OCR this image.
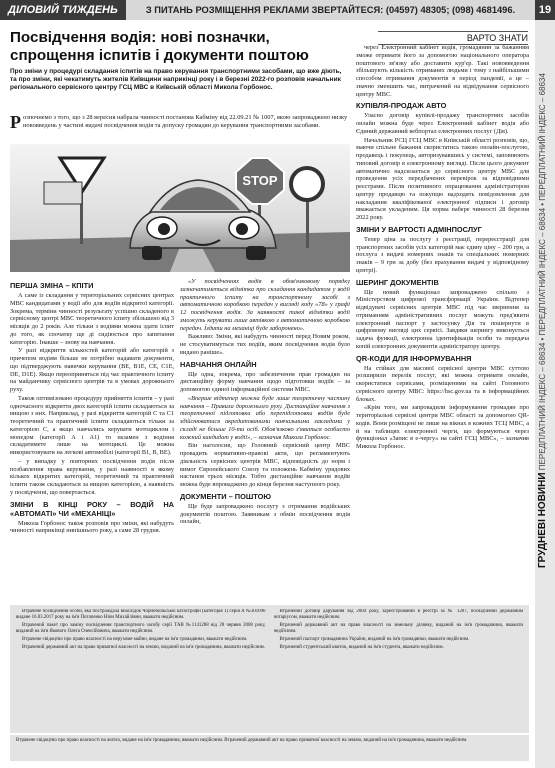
ДІЛОВИЙ ТИЖДЕНЬ	З ПИТАНЬ РОЗМІЩЕННЯ РЕКЛАМИ ЗВЕРТАЙТЕСЯ: (04597) 48305; (098) 4681496.	19
ГРУДНЕВІ НОВИНИ ПЕРЕДПЛАТНИЙ ІНДЕКС – 68634 • ПЕРЕДПЛАТНИЙ ІНДЕКС – 68634 • ПЕРЕДПЛАТНИЙ ІНДЕКС – 68634
Посвідчення водія: нові позначки, спрощення іспитів і документи поштою
ВАРТО ЗНАТИ
Про зміни у процедурі складання іспитів на право керування транспортними засобами, що вже діють, та про зміни, які чекатимуть жителів Київщини наприкінці року і в березні 2022-го розповів начальник регіонального сервісного центру ГСЦ МВС в Київській області Микола Горбонос.
Розпочнемо з того, що з 28 вересня набрала чинності постанова Кабміну від 22.09.21 № 1007, якою запроваджено низку нововведень у частині видачі посвідчення водія та допуску громадян до керування транспортними засобами.
STOP
ПЕРША ЗМІНА – КПІТИ

А саме із складання у територіальних сервісних центрах МВС кандидатами у водії або для водіїв відкритої категорії. Зокрема, терміни чинності результату успішно складеного в сервісному центрі МВС теоретичного іспиту збільшено від 3 місяців до 2 років. Але тільки з водіями можна здати іспит до того, як спочатку ще ді сидіюється про запитання категорію. Інакше – знову на навчання.

У разі відкриття кількостей категорій або категорій з причепом водіям більше не потрібно надавати документи, що підтверджують навички керування (ВЕ, В1Е, СЕ, С1Е, DE, D1E). Якщо переоприняться під час практичного іспиту на майданчику сервісного центрів та в умовах дорожнього руху.

Також оптимізовано процедуру прийняття іспитів – у разі одночасного відкриття двох категорій іспити складаються за вищою з них. Наприклад, у разі відкриття категорій С та С1 теоретичний та практичний іспити складаються тільки за категорією С, а якщо навчались керувати мотоциклом і мопедом (категорії A і A1) то екзамен з водіння складатимете лише на мотоциклі. Це можна використовувати на легкові автомобілі (категорії В1, В, ВЕ).

– у випадку у повторних посвідчення водія після позбавлення права керування, у разі наявності в якому кількох відкритих категорій, теоретичний та практичний іспити також складаються за вищою категорією, а наявність у посвідченні, що повертається.

ЗМІНИ В КІНЦІ РОКУ – ВОДІЙ НА «АВТОМАТІ» ЧИ «МЕХАНІЦІ»

Микола Горбонос також розповів про зміни, які набудуть чинності наприкінці нинішнього року, а саме 28 грудня.

«У посвідченнях водія в обов'язковому порядку зазначатиметься відмітка про складання кандидатом у водії практичного іспиту на транспортному засобі з автоматичною коробкою передач у вигляді коду «78» у графі 12 посвідчення водія. За наявності такої відмітки водії зможуть керувати лише автівкою з автоматичною коробкою передач. Їздити на механіці буде заборонено».

Важливо: Зміни, які набудуть чинності перед Новим роком, не стосуватимуться тих водіїв, яким посвідчення водія було видано раніше».

НАВЧАННЯ ОНЛАЙН

Ще одна, зокрема, про забезпечення прав громадян на дистанційну форму навчання щодо підготовки водіїв – за допомогою єдиної інформаційної системи МВС.

«Вперше відтепер можна буде лише теоретичну частину навчання – Правила дорожнього руху. Дистанційне навчання з теоретичної підготовки або перепідготовки водіїв буде здійснюватися акредитованими навчальними закладами у складі не більше 10-ти осіб. Обов'язково з'явиться особисто кожний кандидат у водії», – зазначив Микола Горбонос.

Він наголосив, що Головний сервісний центр МВС провадить нормативно-правові акти, що регламентують діяльність сервісних центрів МВС, відповідність до норм і вимог Європейського Союзу та положень Кабміну урядових настанов трьох місяців. Тобто дистанційне навчання водіїв можна буде впроваджено до кінця березня наступного року.

ДОКУМЕНТИ – ПОШТОЮ

Ще буде запроваджено послугу з отримання водійських документів поштою. Заявникам з обмін посвідчення водія онлайн,

через Електронний кабінет водія, громадянин за бажанням зможе отримати його за допомогою національного оператора поштового зв'язку або доставити кур'єр. Такі нововведення збільшують кількість отриманих людьми і тому з найбільшими способом отримання документів в період пандемії, а це – значно зменшить час, витрачений на відвідування сервісного центру МВС.

КУПІВЛЯ-ПРОДАЖ АВТО

Уласно договір купівлі-продажу транспортних засобів онлайн можна буде через Електронний кабінет водія або Єдиний державний вебпортал електронних послуг (Дія).

Начальник РСЦ ГСЦ МВС в Київській області розповів, що, маючи спільне бажання скористатись такою онлайн-послугою, продавець і покупець, авторизувавшись у системі, заповнюють типовий договір в електронному вигляді. Після цього документ автоматично надсилається до сервісного центру МВС для проведення усіх передбачених перевірок за відповідними реєстрами. Після позитивного опрацювання адміністратором центру продавцю та покупцю надходять повідомлення для накладання кваліфікованої електронної підписи і договір вважається укладеним. Ця норма набере чинності 28 березня 2022 року.

ЗМІНИ У ВАРТОСТІ АДМІНПОСЛУГ

Тепер ціна за послугу з реєстрації, перереєстрації для транспортних засобів усіх категорій має єдину ціну – 200 грн, а послуга з видачі номерних знаків та спеціальних номерних знаків – 9 грн за добу (без врахування видачі у відповідному центрі).

ШЕРИНГ ДОКУМЕНТІВ

Ще новий функціонал запроваджено спільно з Міністерством цифрової трансформації України. Відтепер відвідувачі сервісних центрів МВС під час звернення за отриманням адміністративних послуг можуть пред'явити електронний паспорт у застосунку Дія та пошернути в цифровому вигляді цих сервісі. Завдяки шерингу виконується задача функції, електронна ідентифікація особи та передача копій електронних документів адміністратору центру.

QR-КОДИ ДЛЯ ІНФОРМУВАННЯ

На стійках для масової сервісної центри МВС суттєво розширили перелік послуг, які можна отримати онлайн, скористатися сервісами, розміщеними на сайті Головного сервісного центру МВС: https://hsc.gov.ua та в інформаційних блоках.

«Крім того, ми запровадили інформування громадян про територіальні сервісні центри МВС області за допомогою QR-кодів. Вони розміщені не лише на вікнах в кожних ТСЦ МВС, а й на таблицях електронної черги, що формуються через функціонал «Запис в е-чергу» на сайті ГСЦ МВС», – зазначив Микола Горбонос.

Втрачене посвідчення особи, яка постраждала внаслідок Чорнобильської катастрофи (категорія 1) серія А №301096 видане 16.03.2017 року на ім'я Потапенко Ніни Михайлівни, вважати недійсним.

Втрачений пакет про заміну посвідчення транспортного засобу серії ТАВ №1141288 від 28 червня 2008 року, виданий на ім'я Якового Олега Олексійовича, вважати недійсним.

Втрачене свідоцтво про право власності на нерухоме майно, видане на ім'я громадянки, вважати недійсним.

Втрачений державний акт на право приватної власності на землю, виданий на ім'я громадянина, вважати недійсним.

Втрачений договір дарування від 2004 року, зареєстрований в реєстрі за № 1207, посвідчений державним нотаріусом, вважати недійсним.

Втрачений державний акт на право власності на земельну ділянку, виданий на ім'я громадянина, вважати недійсним.

Втрачений паспорт громадянина України, виданий на ім'я громадянки, вважати недійсним.

Втрачений студентський квиток, виданий на ім'я студента, вважати недійсним.

Втрачене свідоцтво про право власності на житло, видане на ім'я громадянина, вважати недійсним. Втрачений державний акт на право приватної власності на землю, виданий на ім'я громадянина, вважати недійсним.
